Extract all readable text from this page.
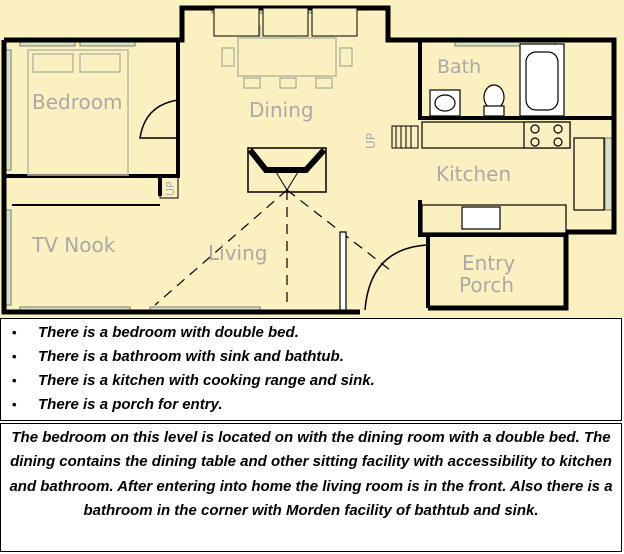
Bedroom	Dining
Bath
Kitchen
TV Nook	Living	Entry
Porch
UP
UP
• There is a bedroom with double bed.
• There is a bathroom with sink and bathtub.
• There is a kitchen with cooking range and sink.
• There is a porch for entry.

The bedroom on this level is located on with the dining room with a double bed. The dining contains the dining table and other sitting facility with accessibility to kitchen and bathroom. After entering into home the living room is in the front. Also there is a bathroom in the corner with Morden facility of bathtub and sink.
